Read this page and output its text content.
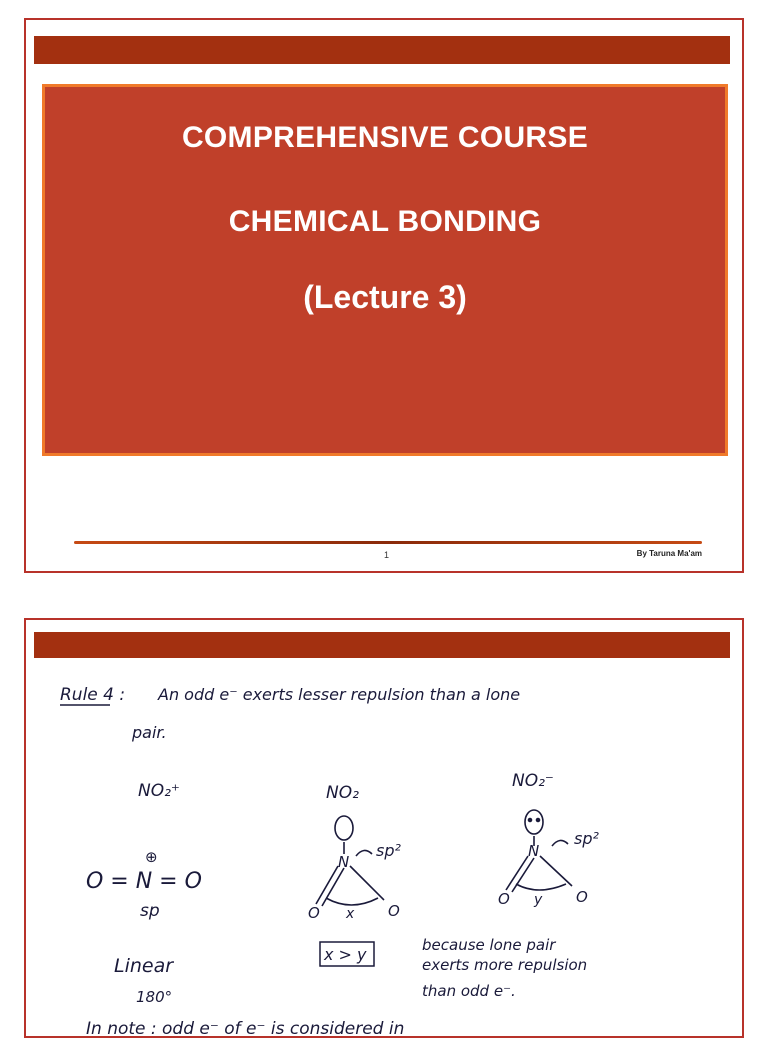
COMPREHENSIVE COURSE
CHEMICAL BONDING
(Lecture 3)
1	By Taruna Ma'am
Rule 4 : An odd e⁻ exerts lesser repulsion than a lone
pair.
NO₂⁺	NO₂
NO₂⁻
⊕
O = N = O
sp
Linear
180°
N
O	O
sp²
x
N
O	O
sp²
y
x > y	because lone pair
exerts more repulsion
than odd e⁻.
In note : odd e⁻ of e⁻ is considered in
